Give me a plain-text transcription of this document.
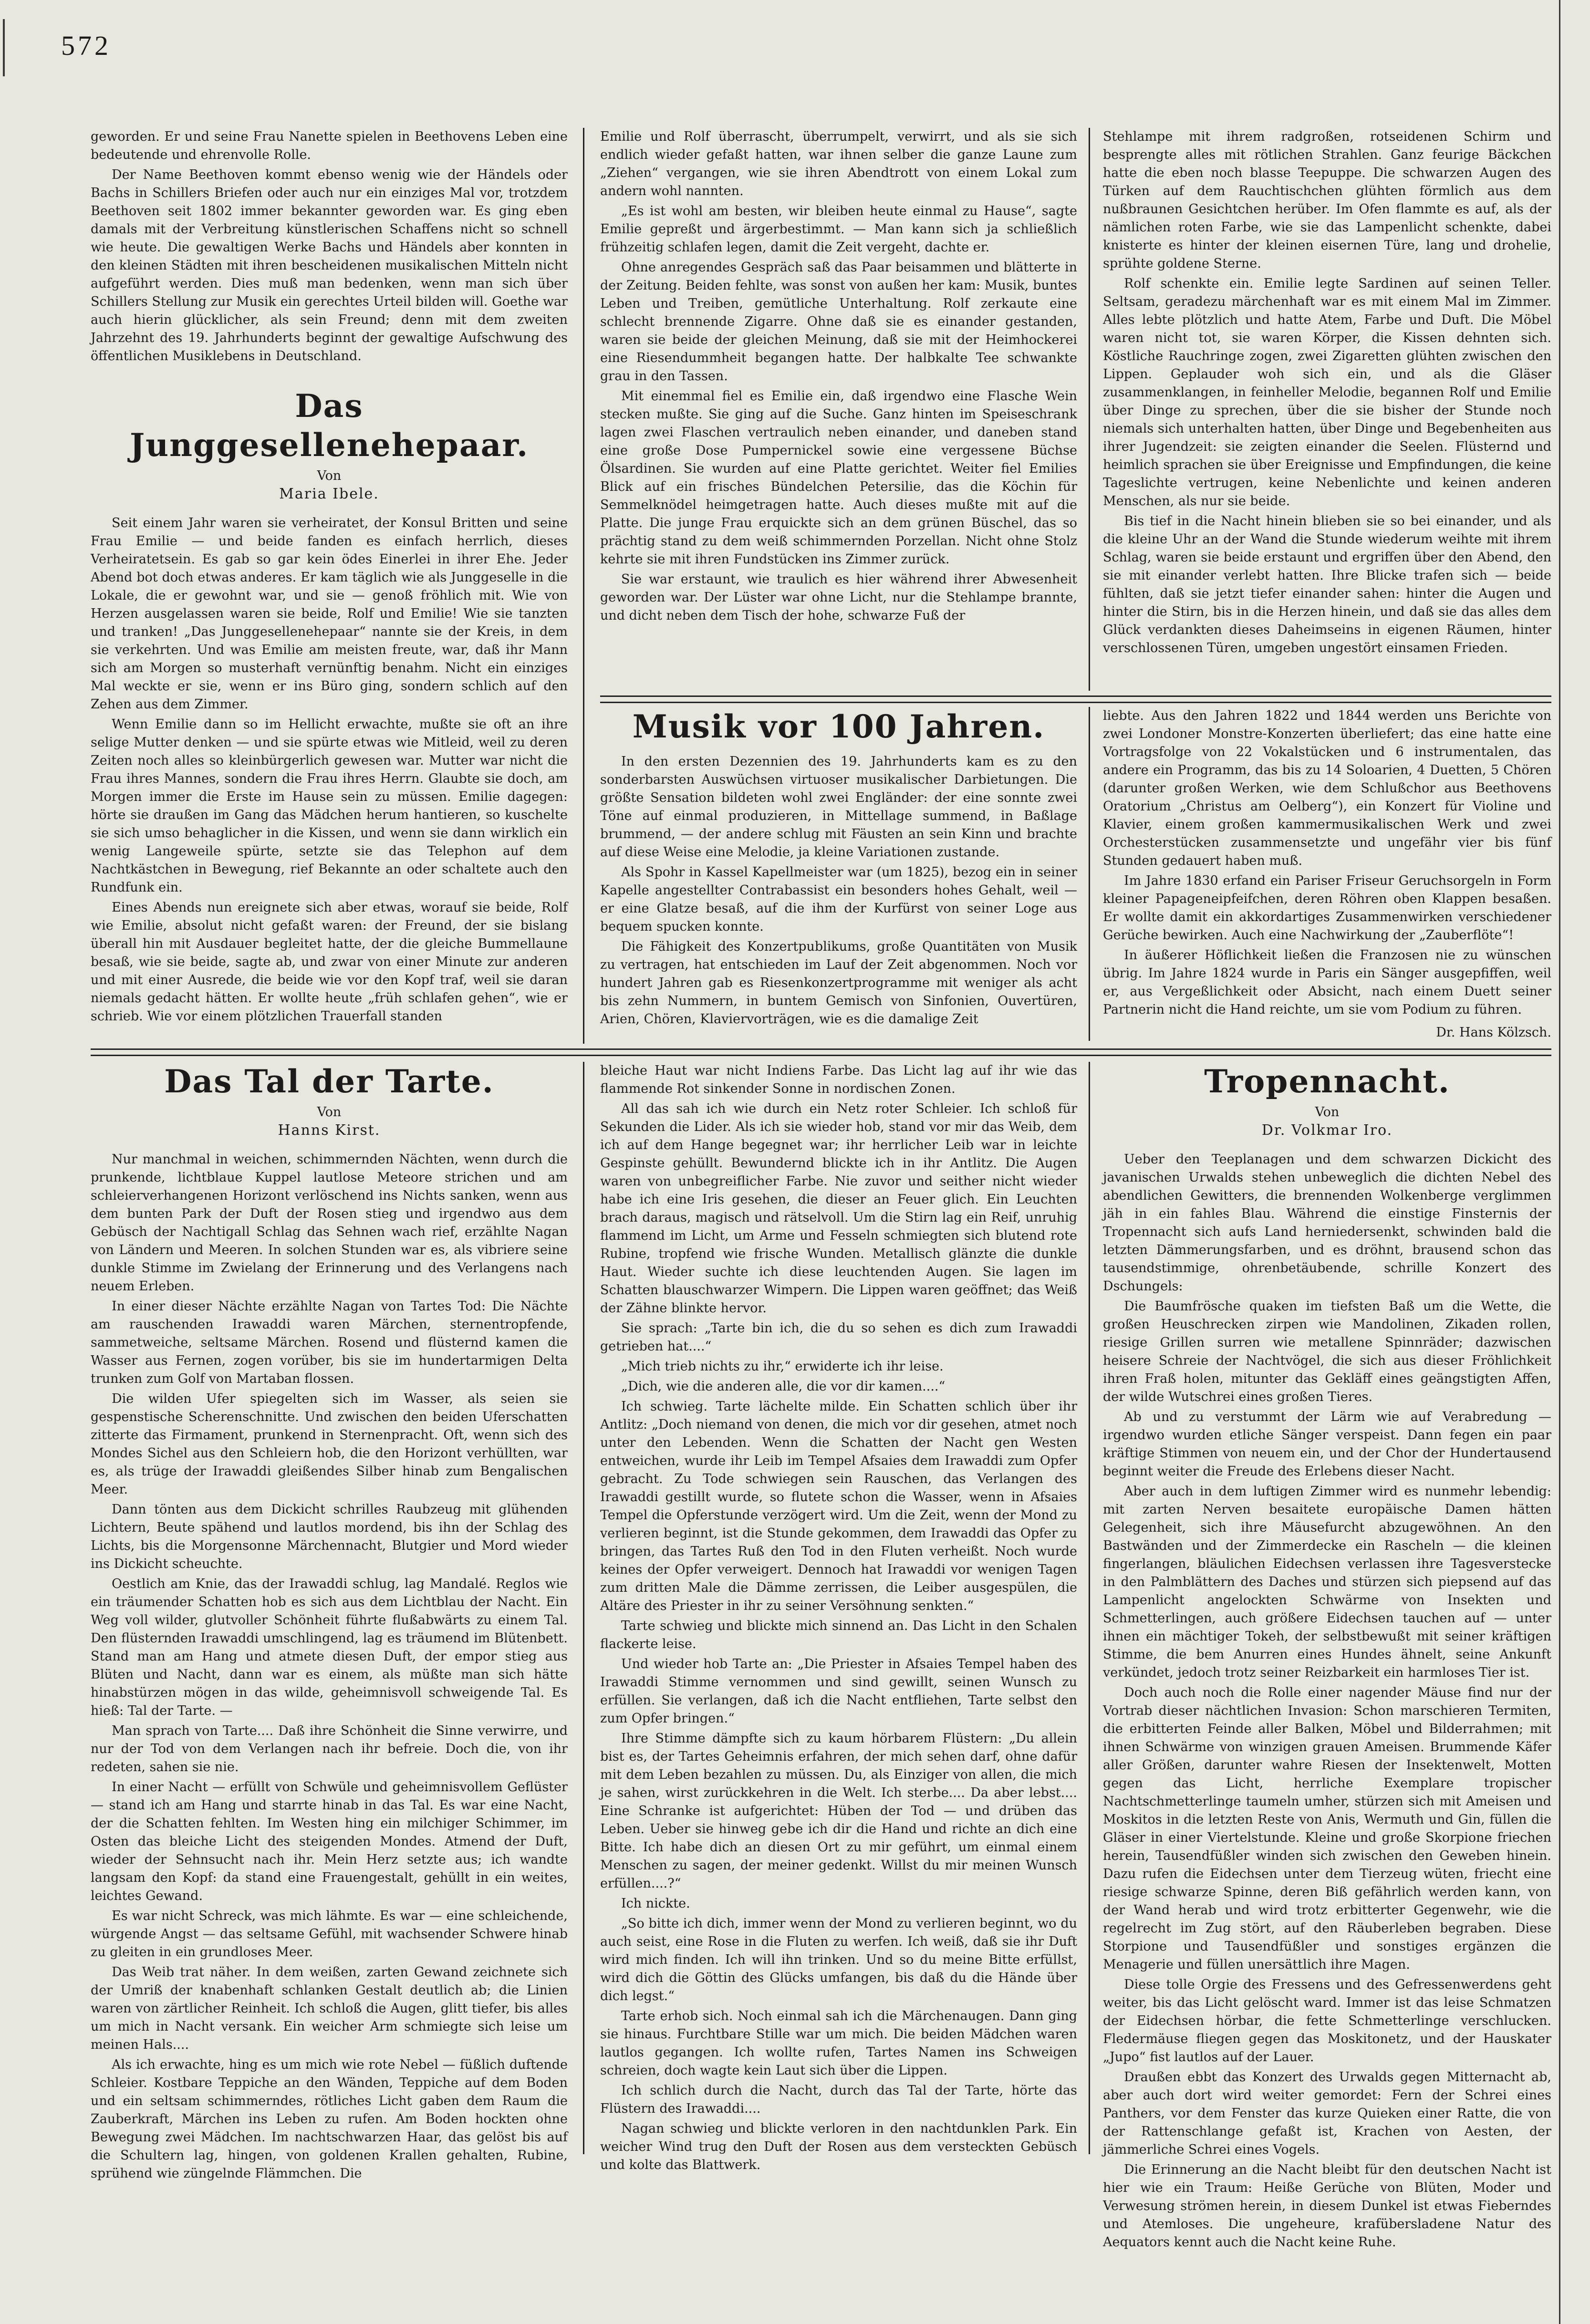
572

geworden. Er und seine Frau Nanette spielen in Beethovens Leben eine bedeutende und ehrenvolle Rolle.

Der Name Beethoven kommt ebenso wenig wie der Händels oder Bachs in Schillers Briefen oder auch nur ein einziges Mal vor, trotzdem Beethoven seit 1802 immer bekannter geworden war. Es ging eben damals mit der Verbreitung künstlerischen Schaffens nicht so schnell wie heute. Die gewaltigen Werke Bachs und Händels aber konnten in den kleinen Städten mit ihren bescheidenen musikalischen Mitteln nicht aufgeführt werden. Dies muß man bedenken, wenn man sich über Schillers Stellung zur Musik ein gerechtes Urteil bilden will. Goethe war auch hierin glücklicher, als sein Freund; denn mit dem zweiten Jahrzehnt des 19. Jahrhunderts beginnt der gewaltige Aufschwung des öffentlichen Musiklebens in Deutschland.

Das Junggesellenehepaar.
Von
Maria Ibele.

Seit einem Jahr waren sie verheiratet, der Konsul Britten und seine Frau Emilie — und beide fanden es einfach herrlich, dieses Verheiratetsein. Es gab so gar kein ödes Einerlei in ihrer Ehe. Jeder Abend bot doch etwas anderes. Er kam täglich wie als Junggeselle in die Lokale, die er gewohnt war, und sie — genoß fröhlich mit. Wie von Herzen ausgelassen waren sie beide, Rolf und Emilie! Wie sie tanzten und tranken! „Das Junggesellenehepaar“ nannte sie der Kreis, in dem sie verkehrten. Und was Emilie am meisten freute, war, daß ihr Mann sich am Morgen so musterhaft vernünftig benahm. Nicht ein einziges Mal weckte er sie, wenn er ins Büro ging, sondern schlich auf den Zehen aus dem Zimmer.

Wenn Emilie dann so im Hellicht erwachte, mußte sie oft an ihre selige Mutter denken — und sie spürte etwas wie Mitleid, weil zu deren Zeiten noch alles so kleinbürgerlich gewesen war. Mutter war nicht die Frau ihres Mannes, sondern die Frau ihres Herrn. Glaubte sie doch, am Morgen immer die Erste im Hause sein zu müssen. Emilie dagegen: hörte sie draußen im Gang das Mädchen herum hantieren, so kuschelte sie sich umso behaglicher in die Kissen, und wenn sie dann wirklich ein wenig Langeweile spürte, setzte sie das Telephon auf dem Nachtkästchen in Bewegung, rief Bekannte an oder schaltete auch den Rundfunk ein.

Eines Abends nun ereignete sich aber etwas, worauf sie beide, Rolf wie Emilie, absolut nicht gefaßt waren: der Freund, der sie bislang überall hin mit Ausdauer begleitet hatte, der die gleiche Bummellaune besaß, wie sie beide, sagte ab, und zwar von einer Minute zur anderen und mit einer Ausrede, die beide wie vor den Kopf traf, weil sie daran niemals gedacht hätten. Er wollte heute „früh schlafen gehen“, wie er schrieb. Wie vor einem plötzlichen Trauerfall standen

Emilie und Rolf überrascht, überrumpelt, verwirrt, und als sie sich endlich wieder gefaßt hatten, war ihnen selber die ganze Laune zum „Ziehen“ vergangen, wie sie ihren Abendtrott von einem Lokal zum andern wohl nannten.

„Es ist wohl am besten, wir bleiben heute einmal zu Hause“, sagte Emilie gepreßt und ärgerbestimmt. — Man kann sich ja schließlich frühzeitig schlafen legen, damit die Zeit vergeht, dachte er.

Ohne anregendes Gespräch saß das Paar beisammen und blätterte in der Zeitung. Beiden fehlte, was sonst von außen her kam: Musik, buntes Leben und Treiben, gemütliche Unterhaltung. Rolf zerkaute eine schlecht brennende Zigarre. Ohne daß sie es einander gestanden, waren sie beide der gleichen Meinung, daß sie mit der Heimhockerei eine Riesendummheit begangen hatte. Der halbkalte Tee schwankte grau in den Tassen.

Mit einemmal fiel es Emilie ein, daß irgendwo eine Flasche Wein stecken mußte. Sie ging auf die Suche. Ganz hinten im Speiseschrank lagen zwei Flaschen vertraulich neben einander, und daneben stand eine große Dose Pumpernickel sowie eine vergessene Büchse Ölsardinen. Sie wurden auf eine Platte gerichtet. Weiter fiel Emilies Blick auf ein frisches Bündelchen Petersilie, das die Köchin für Semmelknödel heimgetragen hatte. Auch dieses mußte mit auf die Platte. Die junge Frau erquickte sich an dem grünen Büschel, das so prächtig stand zu dem weiß schimmernden Porzellan. Nicht ohne Stolz kehrte sie mit ihren Fundstücken ins Zimmer zurück.

Sie war erstaunt, wie traulich es hier während ihrer Abwesenheit geworden war. Der Lüster war ohne Licht, nur die Stehlampe brannte, und dicht neben dem Tisch der hohe, schwarze Fuß der

Stehlampe mit ihrem radgroßen, rotseidenen Schirm und besprengte alles mit rötlichen Strahlen. Ganz feurige Bäckchen hatte die eben noch blasse Teepuppe. Die schwarzen Augen des Türken auf dem Rauchtischchen glühten förmlich aus dem nußbraunen Gesichtchen herüber. Im Ofen flammte es auf, als der nämlichen roten Farbe, wie sie das Lampenlicht schenkte, dabei knisterte es hinter der kleinen eisernen Türe, lang und drohelie, sprühte goldene Sterne.

Rolf schenkte ein. Emilie legte Sardinen auf seinen Teller. Seltsam, geradezu märchenhaft war es mit einem Mal im Zimmer. Alles lebte plötzlich und hatte Atem, Farbe und Duft. Die Möbel waren nicht tot, sie waren Körper, die Kissen dehnten sich. Köstliche Rauchringe zogen, zwei Zigaretten glühten zwischen den Lippen. Geplauder woh sich ein, und als die Gläser zusammenklangen, in feinheller Melodie, begannen Rolf und Emilie über Dinge zu sprechen, über die sie bisher der Stunde noch niemals sich unterhalten hatten, über Dinge und Begebenheiten aus ihrer Jugendzeit: sie zeigten einander die Seelen. Flüsternd und heimlich sprachen sie über Ereignisse und Empfindungen, die keine Tageslichte vertrugen, keine Nebenlichte und keinen anderen Menschen, als nur sie beide.

Bis tief in die Nacht hinein blieben sie so bei einander, und als die kleine Uhr an der Wand die Stunde wiederum weihte mit ihrem Schlag, waren sie beide erstaunt und ergriffen über den Abend, den sie mit einander verlebt hatten. Ihre Blicke trafen sich — beide fühlten, daß sie jetzt tiefer einander sahen: hinter die Augen und hinter die Stirn, bis in die Herzen hinein, und daß sie das alles dem Glück verdankten dieses Daheimseins in eigenen Räumen, hinter verschlossenen Türen, umgeben ungestört einsamen Frieden.

Musik vor 100 Jahren.

In den ersten Dezennien des 19. Jahrhunderts kam es zu den sonderbarsten Auswüchsen virtuoser musikalischer Darbietungen. Die größte Sensation bildeten wohl zwei Engländer: der eine sonnte zwei Töne auf einmal produzieren, in Mittellage summend, in Baßlage brummend, — der andere schlug mit Fäusten an sein Kinn und brachte auf diese Weise eine Melodie, ja kleine Variationen zustande.

Als Spohr in Kassel Kapellmeister war (um 1825), bezog ein in seiner Kapelle angestellter Contrabassist ein besonders hohes Gehalt, weil — er eine Glatze besaß, auf die ihm der Kurfürst von seiner Loge aus bequem spucken konnte.

Die Fähigkeit des Konzertpublikums, große Quantitäten von Musik zu vertragen, hat entschieden im Lauf der Zeit abgenommen. Noch vor hundert Jahren gab es Riesenkonzertprogramme mit weniger als acht bis zehn Nummern, in buntem Gemisch von Sinfonien, Ouvertüren, Arien, Chören, Klaviervorträgen, wie es die damalige Zeit

liebte. Aus den Jahren 1822 und 1844 werden uns Berichte von zwei Londoner Monstre-Konzerten überliefert; das eine hatte eine Vortragsfolge von 22 Vokalstücken und 6 instrumentalen, das andere ein Programm, das bis zu 14 Soloarien, 4 Duetten, 5 Chören (darunter großen Werken, wie dem Schlußchor aus Beethovens Oratorium „Christus am Oelberg“), ein Konzert für Violine und Klavier, einem großen kammermusikalischen Werk und zwei Orchesterstücken zusammensetzte und ungefähr vier bis fünf Stunden gedauert haben muß.

Im Jahre 1830 erfand ein Pariser Friseur Geruchsorgeln in Form kleiner Papageneipfeifchen, deren Röhren oben Klappen besaßen. Er wollte damit ein akkordartiges Zusammenwirken verschiedener Gerüche bewirken. Auch eine Nachwirkung der „Zauberflöte“!

In äußerer Höflichkeit ließen die Franzosen nie zu wünschen übrig. Im Jahre 1824 wurde in Paris ein Sänger ausgepfiffen, weil er, aus Vergeßlichkeit oder Absicht, nach einem Duett seiner Partnerin nicht die Hand reichte, um sie vom Podium zu führen.

Dr. Hans Kölzsch.
Das Tal der Tarte.
Von
Hanns Kirst.

Nur manchmal in weichen, schimmernden Nächten, wenn durch die prunkende, lichtblaue Kuppel lautlose Meteore strichen und am schleierverhangenen Horizont verlöschend ins Nichts sanken, wenn aus dem bunten Park der Duft der Rosen stieg und irgendwo aus dem Gebüsch der Nachtigall Schlag das Sehnen wach rief, erzählte Nagan von Ländern und Meeren. In solchen Stunden war es, als vibriere seine dunkle Stimme im Zwielang der Erinnerung und des Verlangens nach neuem Erleben.

In einer dieser Nächte erzählte Nagan von Tartes Tod: Die Nächte am rauschenden Irawaddi waren Märchen, sternentropfende, sammetweiche, seltsame Märchen. Rosend und flüsternd kamen die Wasser aus Fernen, zogen vorüber, bis sie im hundertarmigen Delta trunken zum Golf von Martaban flossen.

Die wilden Ufer spiegelten sich im Wasser, als seien sie gespenstische Scherenschnitte. Und zwischen den beiden Uferschatten zitterte das Firmament, prunkend in Sternenpracht. Oft, wenn sich des Mondes Sichel aus den Schleiern hob, die den Horizont verhüllten, war es, als trüge der Irawaddi gleißendes Silber hinab zum Bengalischen Meer.

Dann tönten aus dem Dickicht schrilles Raubzeug mit glühenden Lichtern, Beute spähend und lautlos mordend, bis ihn der Schlag des Lichts, bis die Morgensonne Märchennacht, Blutgier und Mord wieder ins Dickicht scheuchte.

Oestlich am Knie, das der Irawaddi schlug, lag Mandalé. Reglos wie ein träumender Schatten hob es sich aus dem Lichtblau der Nacht. Ein Weg voll wilder, glutvoller Schönheit führte flußabwärts zu einem Tal. Den flüsternden Irawaddi umschlingend, lag es träumend im Blütenbett. Stand man am Hang und atmete diesen Duft, der empor stieg aus Blüten und Nacht, dann war es einem, als müßte man sich hätte hinabstürzen mögen in das wilde, geheimnisvoll schweigende Tal. Es hieß: Tal der Tarte. —

Man sprach von Tarte.... Daß ihre Schönheit die Sinne verwirre, und nur der Tod von dem Verlangen nach ihr befreie. Doch die, von ihr redeten, sahen sie nie.

In einer Nacht — erfüllt von Schwüle und geheimnisvollem Geflüster — stand ich am Hang und starrte hinab in das Tal. Es war eine Nacht, der die Schatten fehlten. Im Westen hing ein milchiger Schimmer, im Osten das bleiche Licht des steigenden Mondes. Atmend der Duft, wieder der Sehnsucht nach ihr. Mein Herz setzte aus; ich wandte langsam den Kopf: da stand eine Frauengestalt, gehüllt in ein weites, leichtes Gewand.

Es war nicht Schreck, was mich lähmte. Es war — eine schleichende, würgende Angst — das seltsame Gefühl, mit wachsender Schwere hinab zu gleiten in ein grundloses Meer.

Das Weib trat näher. In dem weißen, zarten Gewand zeichnete sich der Umriß der knabenhaft schlanken Gestalt deutlich ab; die Linien waren von zärtlicher Reinheit. Ich schloß die Augen, glitt tiefer, bis alles um mich in Nacht versank. Ein weicher Arm schmiegte sich leise um meinen Hals....

Als ich erwachte, hing es um mich wie rote Nebel — füßlich duftende Schleier. Kostbare Teppiche an den Wänden, Teppiche auf dem Boden und ein seltsam schimmerndes, rötliches Licht gaben dem Raum die Zauberkraft, Märchen ins Leben zu rufen. Am Boden hockten ohne Bewegung zwei Mädchen. Im nachtschwarzen Haar, das gelöst bis auf die Schultern lag, hingen, von goldenen Krallen gehalten, Rubine, sprühend wie züngelnde Flämmchen. Die

bleiche Haut war nicht Indiens Farbe. Das Licht lag auf ihr wie das flammende Rot sinkender Sonne in nordischen Zonen.

All das sah ich wie durch ein Netz roter Schleier. Ich schloß für Sekunden die Lider. Als ich sie wieder hob, stand vor mir das Weib, dem ich auf dem Hange begegnet war; ihr herrlicher Leib war in leichte Gespinste gehüllt. Bewundernd blickte ich in ihr Antlitz. Die Augen waren von unbegreiflicher Farbe. Nie zuvor und seither nicht wieder habe ich eine Iris gesehen, die dieser an Feuer glich. Ein Leuchten brach daraus, magisch und rätselvoll. Um die Stirn lag ein Reif, unruhig flammend im Licht, um Arme und Fesseln schmiegten sich blutend rote Rubine, tropfend wie frische Wunden. Metallisch glänzte die dunkle Haut. Wieder suchte ich diese leuchtenden Augen. Sie lagen im Schatten blauschwarzer Wimpern. Die Lippen waren geöffnet; das Weiß der Zähne blinkte hervor.

Sie sprach: „Tarte bin ich, die du so sehen es dich zum Irawaddi getrieben hat....“

„Mich trieb nichts zu ihr,“ erwiderte ich ihr leise.

„Dich, wie die anderen alle, die vor dir kamen....“

Ich schwieg. Tarte lächelte milde. Ein Schatten schlich über ihr Antlitz: „Doch niemand von denen, die mich vor dir gesehen, atmet noch unter den Lebenden. Wenn die Schatten der Nacht gen Westen entweichen, wurde ihr Leib im Tempel Afsaies dem Irawaddi zum Opfer gebracht. Zu Tode schwiegen sein Rauschen, das Verlangen des Irawaddi gestillt wurde, so flutete schon die Wasser, wenn in Afsaies Tempel die Opferstunde verzögert wird. Um die Zeit, wenn der Mond zu verlieren beginnt, ist die Stunde gekommen, dem Irawaddi das Opfer zu bringen, das Tartes Ruß den Tod in den Fluten verheißt. Noch wurde keines der Opfer verweigert. Dennoch hat Irawaddi vor wenigen Tagen zum dritten Male die Dämme zerrissen, die Leiber ausgespülen, die Altäre des Priester in ihr zu seiner Versöhnung senkten.“

Tarte schwieg und blickte mich sinnend an. Das Licht in den Schalen flackerte leise.

Und wieder hob Tarte an: „Die Priester in Afsaies Tempel haben des Irawaddi Stimme vernommen und sind gewillt, seinen Wunsch zu erfüllen. Sie verlangen, daß ich die Nacht entfliehen, Tarte selbst den zum Opfer bringen.“

Ihre Stimme dämpfte sich zu kaum hörbarem Flüstern: „Du allein bist es, der Tartes Geheimnis erfahren, der mich sehen darf, ohne dafür mit dem Leben bezahlen zu müssen. Du, als Einziger von allen, die mich je sahen, wirst zurückkehren in die Welt. Ich sterbe.... Da aber lebst.... Eine Schranke ist aufgerichtet: Hüben der Tod — und drüben das Leben. Ueber sie hinweg gebe ich dir die Hand und richte an dich eine Bitte. Ich habe dich an diesen Ort zu mir geführt, um einmal einem Menschen zu sagen, der meiner gedenkt. Willst du mir meinen Wunsch erfüllen....?“

Ich nickte.

„So bitte ich dich, immer wenn der Mond zu verlieren beginnt, wo du auch seist, eine Rose in die Fluten zu werfen. Ich weiß, daß sie ihr Duft wird mich finden. Ich will ihn trinken. Und so du meine Bitte erfüllst, wird dich die Göttin des Glücks umfangen, bis daß du die Hände über dich legst.“

Tarte erhob sich. Noch einmal sah ich die Märchenaugen. Dann ging sie hinaus. Furchtbare Stille war um mich. Die beiden Mädchen waren lautlos gegangen. Ich wollte rufen, Tartes Namen ins Schweigen schreien, doch wagte kein Laut sich über die Lippen.

Ich schlich durch die Nacht, durch das Tal der Tarte, hörte das Flüstern des Irawaddi....

Nagan schwieg und blickte verloren in den nachtdunklen Park. Ein weicher Wind trug den Duft der Rosen aus dem versteckten Gebüsch und kolte das Blattwerk.

Tropennacht.
Von
Dr. Volkmar Iro.

Ueber den Teeplanagen und dem schwarzen Dickicht des javanischen Urwalds stehen unbeweglich die dichten Nebel des abendlichen Gewitters, die brennenden Wolkenberge verglimmen jäh in ein fahles Blau. Während die einstige Finsternis der Tropennacht sich aufs Land herniedersenkt, schwinden bald die letzten Dämmerungsfarben, und es dröhnt, brausend schon das tausendstimmige, ohrenbetäubende, schrille Konzert des Dschungels:

Die Baumfrösche quaken im tiefsten Baß um die Wette, die großen Heuschrecken zirpen wie Mandolinen, Zikaden rollen, riesige Grillen surren wie metallene Spinnräder; dazwischen heisere Schreie der Nachtvögel, die sich aus dieser Fröhlichkeit ihren Fraß holen, mitunter das Gekläff eines geängstigten Affen, der wilde Wutschrei eines großen Tieres.

Ab und zu verstummt der Lärm wie auf Verabredung — irgendwo wurden etliche Sänger verspeist. Dann fegen ein paar kräftige Stimmen von neuem ein, und der Chor der Hundertausend beginnt weiter die Freude des Erlebens dieser Nacht.

Aber auch in dem luftigen Zimmer wird es nunmehr lebendig: mit zarten Nerven besaitete europäische Damen hätten Gelegenheit, sich ihre Mäusefurcht abzugewöhnen. An den Bastwänden und der Zimmerdecke ein Rascheln — die kleinen fingerlangen, bläulichen Eidechsen verlassen ihre Tagesverstecke in den Palmblättern des Daches und stürzen sich piepsend auf das Lampenlicht angelockten Schwärme von Insekten und Schmetterlingen, auch größere Eidechsen tauchen auf — unter ihnen ein mächtiger Tokeh, der selbstbewußt mit seiner kräftigen Stimme, die bem Anurren eines Hundes ähnelt, seine Ankunft verkündet, jedoch trotz seiner Reizbarkeit ein harmloses Tier ist.

Doch auch noch die Rolle einer nagender Mäuse find nur der Vortrab dieser nächtlichen Invasion: Schon marschieren Termiten, die erbitterten Feinde aller Balken, Möbel und Bilderrahmen; mit ihnen Schwärme von winzigen grauen Ameisen. Brummende Käfer aller Größen, darunter wahre Riesen der Insektenwelt, Motten gegen das Licht, herrliche Exemplare tropischer Nachtschmetterlinge taumeln umher, stürzen sich mit Ameisen und Moskitos in die letzten Reste von Anis, Wermuth und Gin, füllen die Gläser in einer Viertelstunde. Kleine und große Skorpione friechen herein, Tausendfüßler winden sich zwischen den Geweben hinein. Dazu rufen die Eidechsen unter dem Tierzeug wüten, friecht eine riesige schwarze Spinne, deren Biß gefährlich werden kann, von der Wand herab und wird trotz erbitterter Gegenwehr, wie die regelrecht im Zug stört, auf den Räuberleben begraben. Diese Storpione und Tausendfüßler und sonstiges ergänzen die Menagerie und füllen unersättlich ihre Magen.

Diese tolle Orgie des Fressens und des Gefressenwerdens geht weiter, bis das Licht gelöscht ward. Immer ist das leise Schmatzen der Eidechsen hörbar, die fette Schmetterlinge verschlucken. Fledermäuse fliegen gegen das Moskitonetz, und der Hauskater „Jupo“ fist lautlos auf der Lauer.

Draußen ebbt das Konzert des Urwalds gegen Mitternacht ab, aber auch dort wird weiter gemordet: Fern der Schrei eines Panthers, vor dem Fenster das kurze Quieken einer Ratte, die von der Rattenschlange gefaßt ist, Krachen von Aesten, der jämmerliche Schrei eines Vogels.

Die Erinnerung an die Nacht bleibt für den deutschen Nacht ist hier wie ein Traum: Heiße Gerüche von Blüten, Moder und Verwesung strömen herein, in diesem Dunkel ist etwas Fieberndes und Atemloses. Die ungeheure, krafübersladene Natur des Aequators kennt auch die Nacht keine Ruhe.
